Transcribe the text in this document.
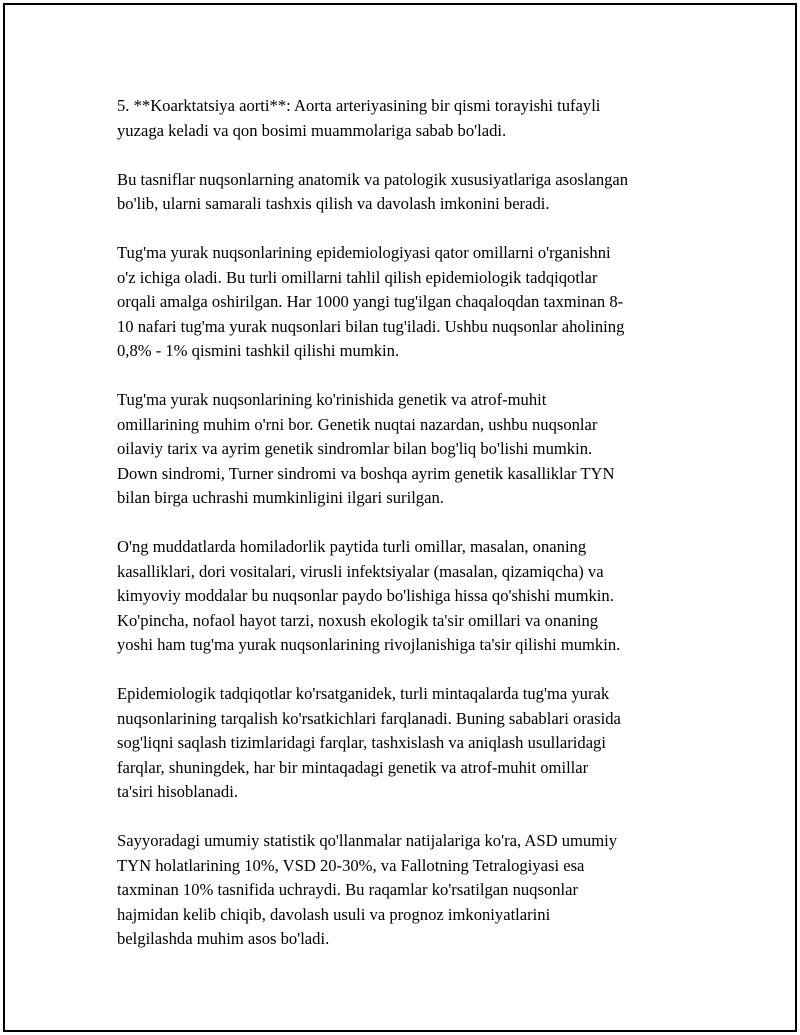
5. **Koarktatsiya aorti**: Aorta arteriyasining bir qismi torayishi tufayli
yuzaga keladi va qon bosimi muammolariga sabab bo'ladi.

Bu tasniflar nuqsonlarning anatomik va patologik xususiyatlariga asoslangan
bo'lib, ularni samarali tashxis qilish va davolash imkonini beradi.

Tug'ma yurak nuqsonlarining epidemiologiyasi qator omillarni o'rganishni
o'z ichiga oladi. Bu turli omillarni tahlil qilish epidemiologik tadqiqotlar
orqali amalga oshirilgan. Har 1000 yangi tug'ilgan chaqaloqdan taxminan 8-
10 nafari tug'ma yurak nuqsonlari bilan tug'iladi. Ushbu nuqsonlar aholining
0,8% - 1% qismini tashkil qilishi mumkin.

Tug'ma yurak nuqsonlarining ko'rinishida genetik va atrof-muhit
omillarining muhim o'rni bor. Genetik nuqtai nazardan, ushbu nuqsonlar
oilaviy tarix va ayrim genetik sindromlar bilan bog'liq bo'lishi mumkin.
Down sindromi, Turner sindromi va boshqa ayrim genetik kasalliklar TYN
bilan birga uchrashi mumkinligini ilgari surilgan.

O'ng muddatlarda homiladorlik paytida turli omillar, masalan, onaning
kasalliklari, dori vositalari, virusli infektsiyalar (masalan, qizamiqcha) va
kimyoviy moddalar bu nuqsonlar paydo bo'lishiga hissa qo'shishi mumkin.
Ko'pincha, nofaol hayot tarzi, noxush ekologik ta'sir omillari va onaning
yoshi ham tug'ma yurak nuqsonlarining rivojlanishiga ta'sir qilishi mumkin.

Epidemiologik tadqiqotlar ko'rsatganidek, turli mintaqalarda tug'ma yurak
nuqsonlarining tarqalish ko'rsatkichlari farqlanadi. Buning sabablari orasida
sog'liqni saqlash tizimlaridagi farqlar, tashxislash va aniqlash usullaridagi
farqlar, shuningdek, har bir mintaqadagi genetik va atrof-muhit omillar
ta'siri hisoblanadi.

Sayyoradagi umumiy statistik qo'llanmalar natijalariga ko'ra, ASD umumiy
TYN holatlarining 10%, VSD 20-30%, va Fallotning Tetralogiyasi esa
taxminan 10% tasnifida uchraydi. Bu raqamlar ko'rsatilgan nuqsonlar
hajmidan kelib chiqib, davolash usuli va prognoz imkoniyatlarini
belgilashda muhim asos bo'ladi.
